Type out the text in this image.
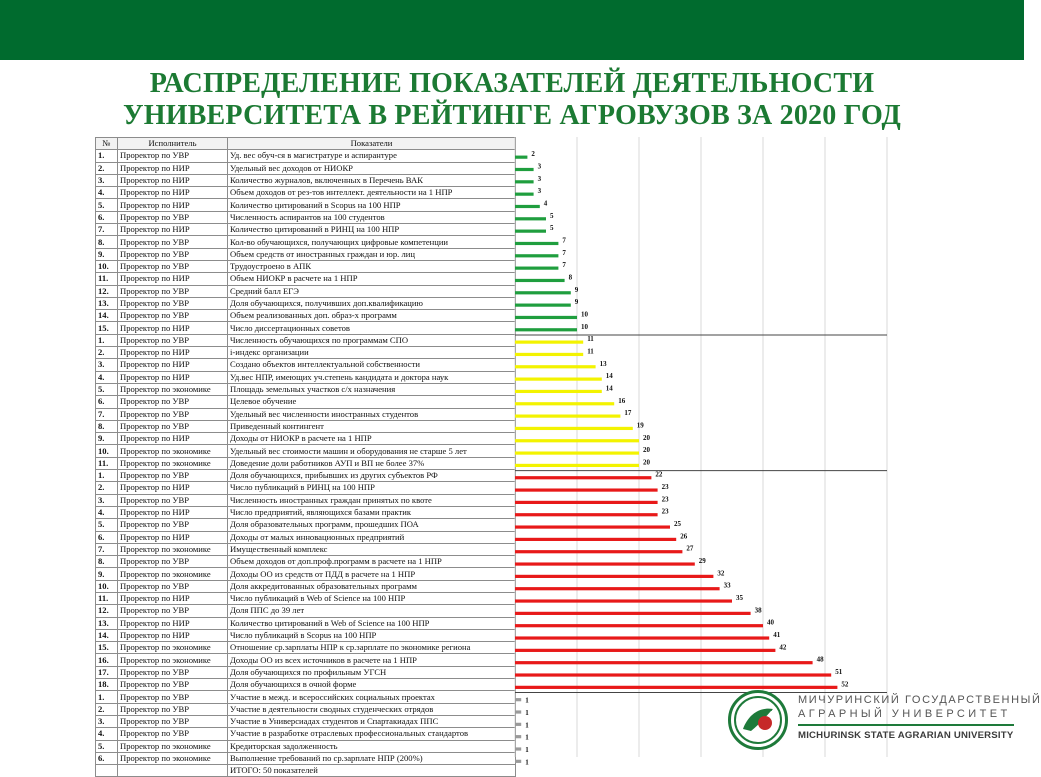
РАСПРЕДЕЛЕНИЕ ПОКАЗАТЕЛЕЙ ДЕЯТЕЛЬНОСТИ
УНИВЕРСИТЕТА В РЕЙТИНГЕ АГРОВУЗОВ ЗА 2020 ГОД
№	Исполнитель	Показатели
1.	Проректор по УВР	Уд. вес обуч-ся в магистратуре и аспирантуре
2.	Проректор по НИР	Удельный вес доходов от НИОКР
3.	Проректор по НИР	Количество журналов, включенных в Перечень ВАК
4.	Проректор по НИР	Объем доходов от рез-тов интеллект. деятельности на 1 НПР
5.	Проректор по НИР	Количество цитирований в Scopus на 100 НПР
6.	Проректор по УВР	Численность аспирантов на 100 студентов
7.	Проректор по НИР	Количество цитирований в РИНЦ на 100 НПР
8.	Проректор по УВР	Кол-во обучающихся, получающих цифровые компетенции
9.	Проректор по УВР	Объем средств от иностранных граждан и юр. лиц
10.	Проректор по УВР	Трудоустроено в АПК
11.	Проректор по НИР	Объем НИОКР в расчете на 1 НПР
12.	Проректор по УВР	Средний балл ЕГЭ
13.	Проректор по УВР	Доля обучающихся, получивших доп.квалификацию
14.	Проректор по УВР	Объем реализованных доп. образ-х программ
15.	Проректор по НИР	Число диссертационных советов
1.	Проректор по УВР	Численность обучающихся по программам СПО
2.	Проректор по НИР	i-индекс организации
3.	Проректор по НИР	Создано объектов интеллектуальной собственности
4.	Проректор по НИР	Уд.вес НПР, имеющих уч.степень кандидата и доктора наук
5.	Проректор по экономике	Площадь земельных участков с/х назначения
6.	Проректор по УВР	Целевое обучение
7.	Проректор по УВР	Удельный вес численности иностранных студентов
8.	Проректор по УВР	Приведенный контингент
9.	Проректор по НИР	Доходы от НИОКР в расчете на 1 НПР
10.	Проректор по экономике	Удельный вес стоимости машин и оборудования не старше 5 лет
11.	Проректор по экономике	Доведение доли работников АУП и ВП не более 37%
1.	Проректор по УВР	Доля обучающихся, прибывших из других субъектов РФ
2.	Проректор по НИР	Число публикаций в РИНЦ на 100 НПР
3.	Проректор по УВР	Численность иностранных граждан принятых по квоте
4.	Проректор по НИР	Число предприятий, являющихся базами практик
5.	Проректор по УВР	Доля образовательных программ, прошедших ПОА
6.	Проректор по НИР	Доходы от малых инновационных предприятий
7.	Проректор по экономике	Имущественный комплекс
8.	Проректор по УВР	Объем доходов от доп.проф.программ в расчете на 1 НПР
9.	Проректор по экономике	Доходы ОО из средств от ПДД в расчете на 1 НПР
10.	Проректор по УВР	Доля аккредитованных образовательных программ
11.	Проректор по НИР	Число публикаций в Web of Science на 100 НПР
12.	Проректор по УВР	Доля ППС до 39 лет
13.	Проректор по НИР	Количество цитирований в Web of Science на 100 НПР
14.	Проректор по НИР	Число публикаций в Scopus на 100 НПР
15.	Проректор по экономике	Отношение ср.зарплаты НПР к ср.зарплате по экономике региона
16.	Проректор по экономике	Доходы ОО из всех источников в расчете на 1 НПР
17.	Проректор по УВР	Доля обучающихся по профильным УГСН
18.	Проректор по УВР	Доля обучающихся в очной форме
1.	Проректор по УВР	Участие в межд. и всероссийских социальных проектах
2.	Проректор по УВР	Участие в деятельности сводных студенческих отрядов
3.	Проректор по УВР	Участие в Универсиадах студентов и Спартакиадах ППС
4.	Проректор по УВР	Участие в разработке отраслевых профессиональных стандартов
5.	Проректор по экономике	Кредиторская задолженность
6.	Проректор по экономике	Выполнение требований по ср.зарплате НПР (200%)
		ИТОГО: 50 показателей
2
3
3
3
4
5
5
7
7
7
8
9
9
10
10
11
11
13
14
14
16
17
19
20
20
20
22
23
23
23
25
26
27
29
32
33
35
38
40
41
42
48
51
52
1
1
1
1
1
1
МИЧУРИНСКИЙ ГОСУДАРСТВЕННЫЙ
АГРАРНЫЙ УНИВЕРСИТЕТ
MICHURINSK STATE AGRARIAN UNIVERSITY
